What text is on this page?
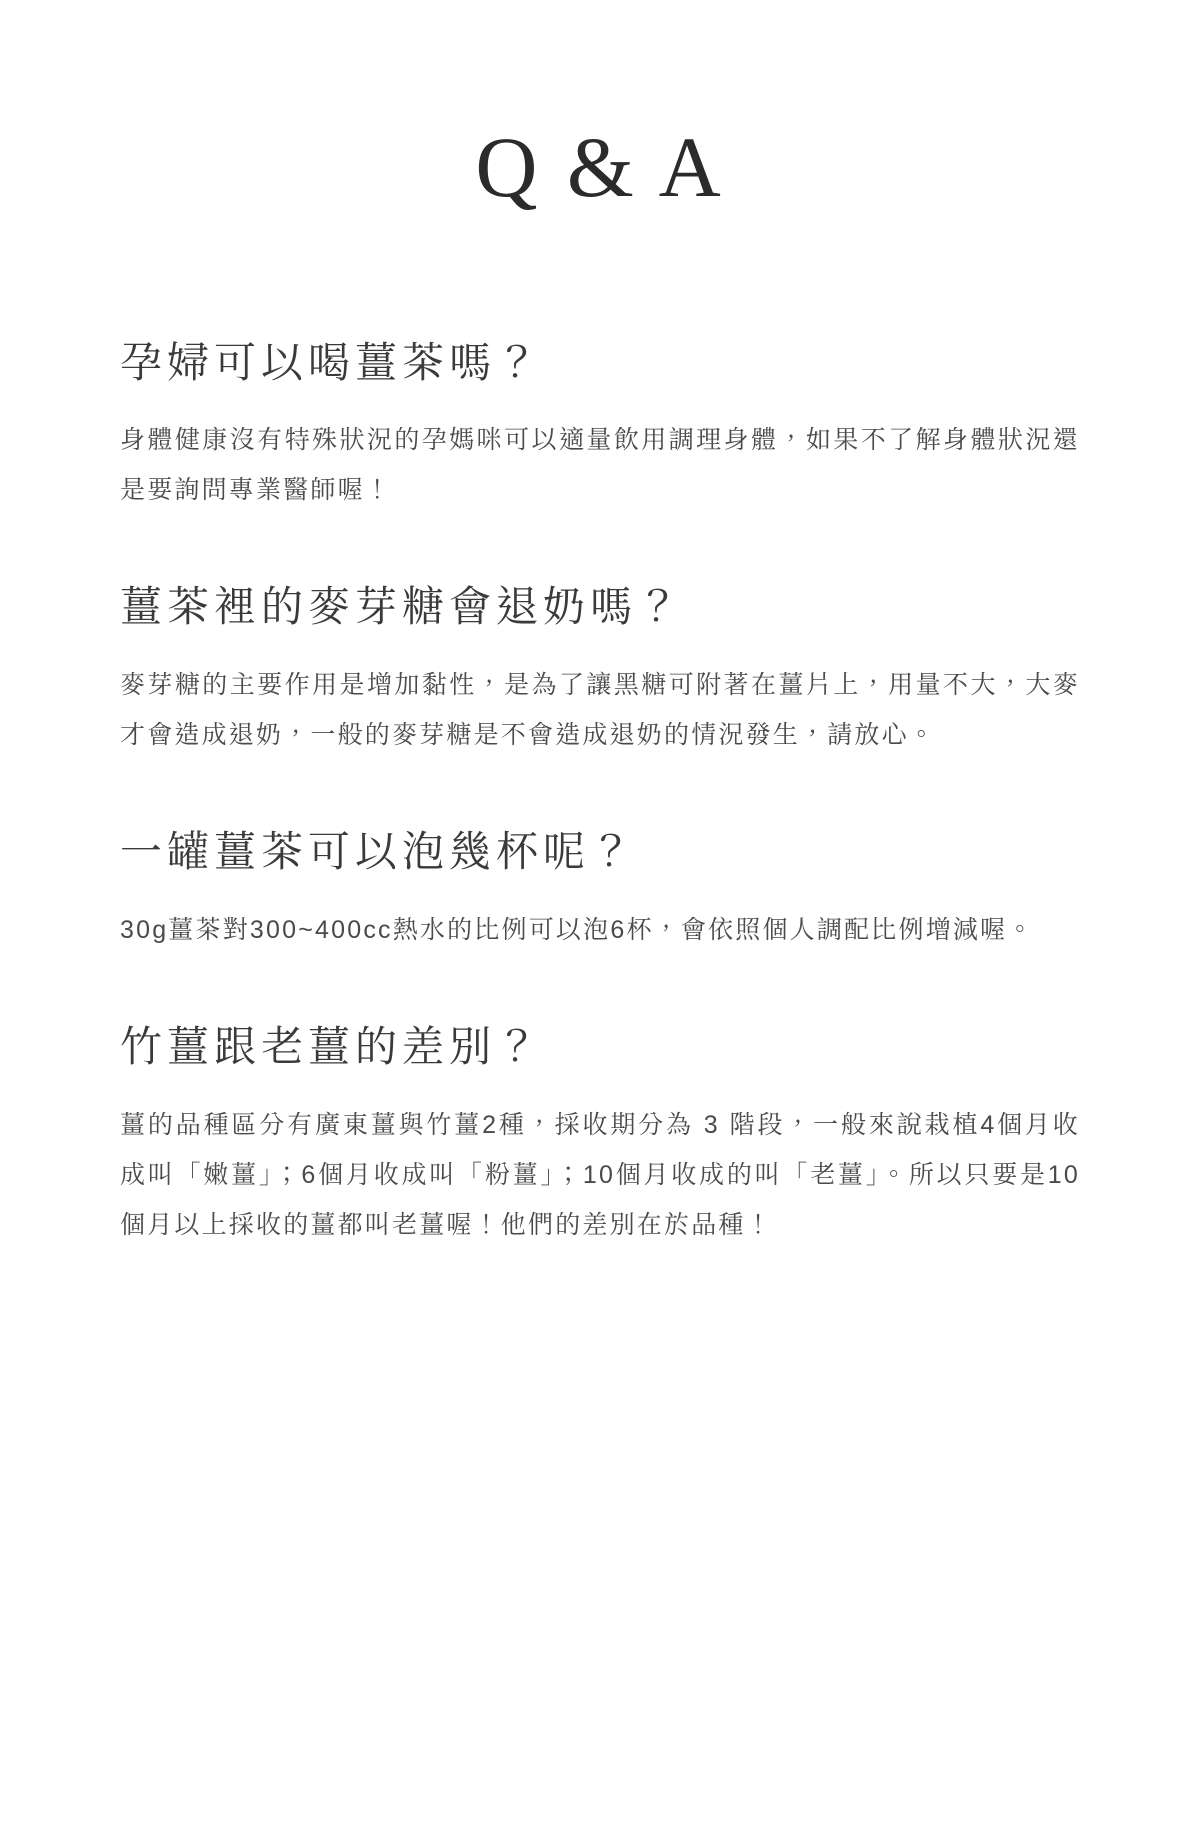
Q & A
孕婦可以喝薑茶嗎？

身體健康沒有特殊狀況的孕媽咪可以適量飲用調理身體，如果不了解身體狀況還是要詢問專業醫師喔！

薑茶裡的麥芽糖會退奶嗎？

麥芽糖的主要作用是增加黏性，是為了讓黑糖可附著在薑片上，用量不大，大麥才會造成退奶，一般的麥芽糖是不會造成退奶的情況發生，請放心。

一罐薑茶可以泡幾杯呢？

30g薑茶對300~400cc熱水的比例可以泡6杯，會依照個人調配比例增減喔。

竹薑跟老薑的差別？

薑的品種區分有廣東薑與竹薑2種，採收期分為 3 階段，一般來說栽植4個月收成叫「嫩薑」；6個月收成叫「粉薑」；10個月收成的叫「老薑」。所以只要是10個月以上採收的薑都叫老薑喔！他們的差別在於品種！
